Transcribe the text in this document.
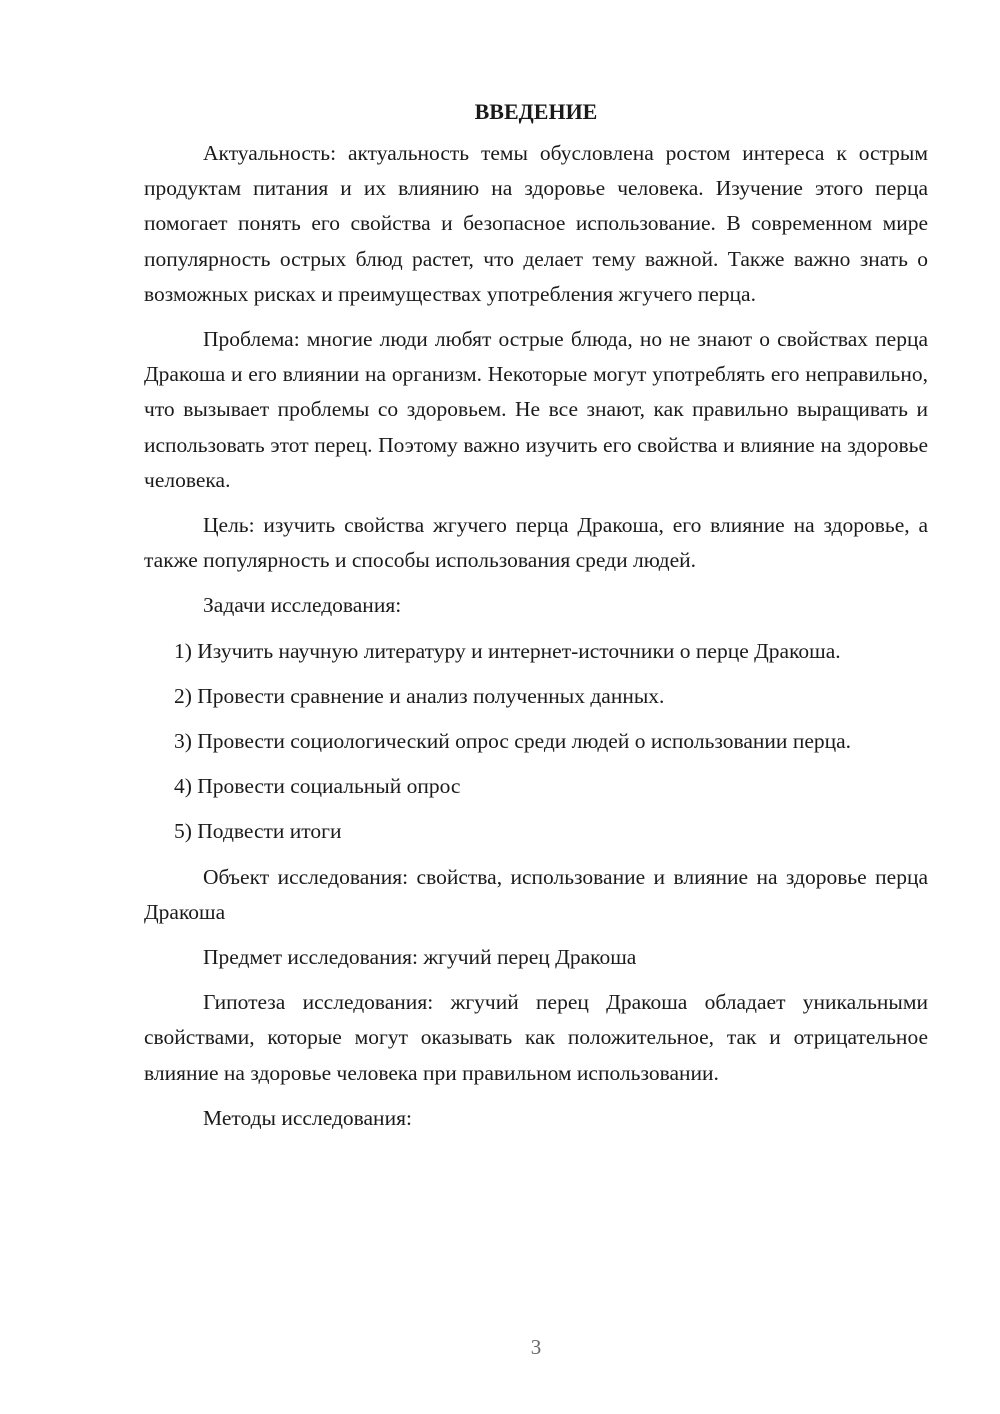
ВВЕДЕНИЕ

Актуальность: актуальность темы обусловлена ростом интереса к острым продуктам питания и их влиянию на здоровье человека. Изучение этого перца помогает понять его свойства и безопасное использование. В современном мире популярность острых блюд растет, что делает тему важной. Также важно знать о возможных рисках и преимуществах употребления жгучего перца.

Проблема: многие люди любят острые блюда, но не знают о свойствах перца Дракоша и его влиянии на организм. Некоторые могут употреблять его неправильно, что вызывает проблемы со здоровьем. Не все знают, как правильно выращивать и использовать этот перец. Поэтому важно изучить его свойства и влияние на здоровье человека.

Цель: изучить свойства жгучего перца Дракоша, его влияние на здоровье, а также популярность и способы использования среди людей.

Задачи исследования:

1) Изучить научную литературу и интернет-источники о перце Дракоша.

2) Провести сравнение и анализ полученных данных.

3) Провести социологический опрос среди людей о использовании перца.

4) Провести социальный опрос

5) Подвести итоги

Объект исследования: свойства, использование и влияние на здоровье перца Дракоша

Предмет исследования: жгучий перец Дракоша

Гипотеза исследования: жгучий перец Дракоша обладает уникальными свойствами, которые могут оказывать как положительное, так и отрицательное влияние на здоровье человека при правильном использовании.

Методы исследования:

3
